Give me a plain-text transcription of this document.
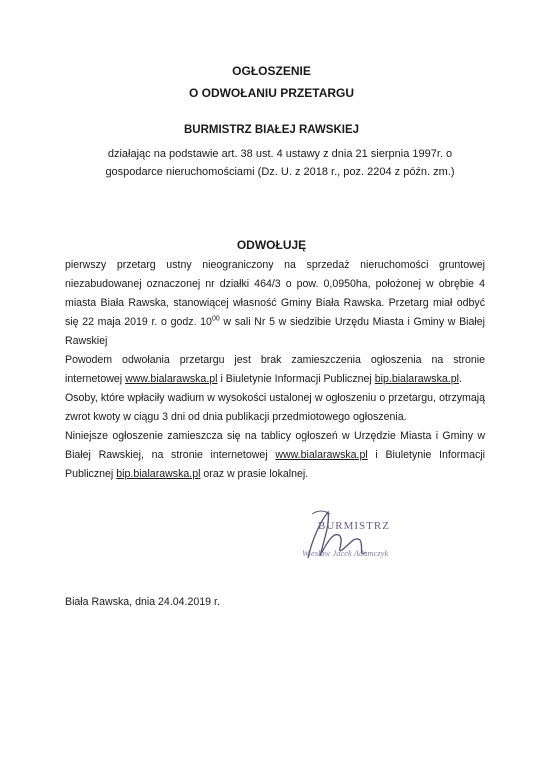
OGŁOSZENIE
O ODWOŁANIU PRZETARGU
BURMISTRZ BIAŁEJ RAWSKIEJ
działając na podstawie art. 38 ust. 4 ustawy z dnia 21 sierpnia 1997r. o
gospodarce nieruchomościami (Dz. U. z 2018 r., poz. 2204 z późn. zm.)
ODWOŁUJĘ

pierwszy przetarg ustny nieograniczony na sprzedaż nieruchomości gruntowej niezabudowanej oznaczonej nr działki 464/3 o pow. 0,0950ha, położonej w obrębie 4 miasta Biała Rawska, stanowiącej własność Gminy Biała Rawska. Przetarg miał odbyć się 22 maja 2019 r. o godz. $10^{00}$ w sali Nr 5 w siedzibie Urzędu Miasta i Gminy w Białej Rawskiej

Powodem odwołania przetargu jest brak zamieszczenia ogłoszenia na stronie internetowej www.bialarawska.pl i Biuletynie Informacji Publicznej bip.bialarawska.pl.

Osoby, które wpłaciły wadium w wysokości ustalonej w ogłoszeniu o przetargu, otrzymają zwrot kwoty w ciągu 3 dni od dnia publikacji przedmiotowego ogłoszenia.

Niniejsze ogłoszenie zamieszcza się na tablicy ogłoszeń w Urzędzie Miasta i Gminy w Białej Rawskiej, na stronie internetowej www.bialarawska.pl i Biuletynie Informacji Publicznej bip.bialarawska.pl oraz w prasie lokalnej.

BURMISTRZ
Wiesław Jacek Adamczyk
Biała Rawska, dnia 24.04.2019 r.
